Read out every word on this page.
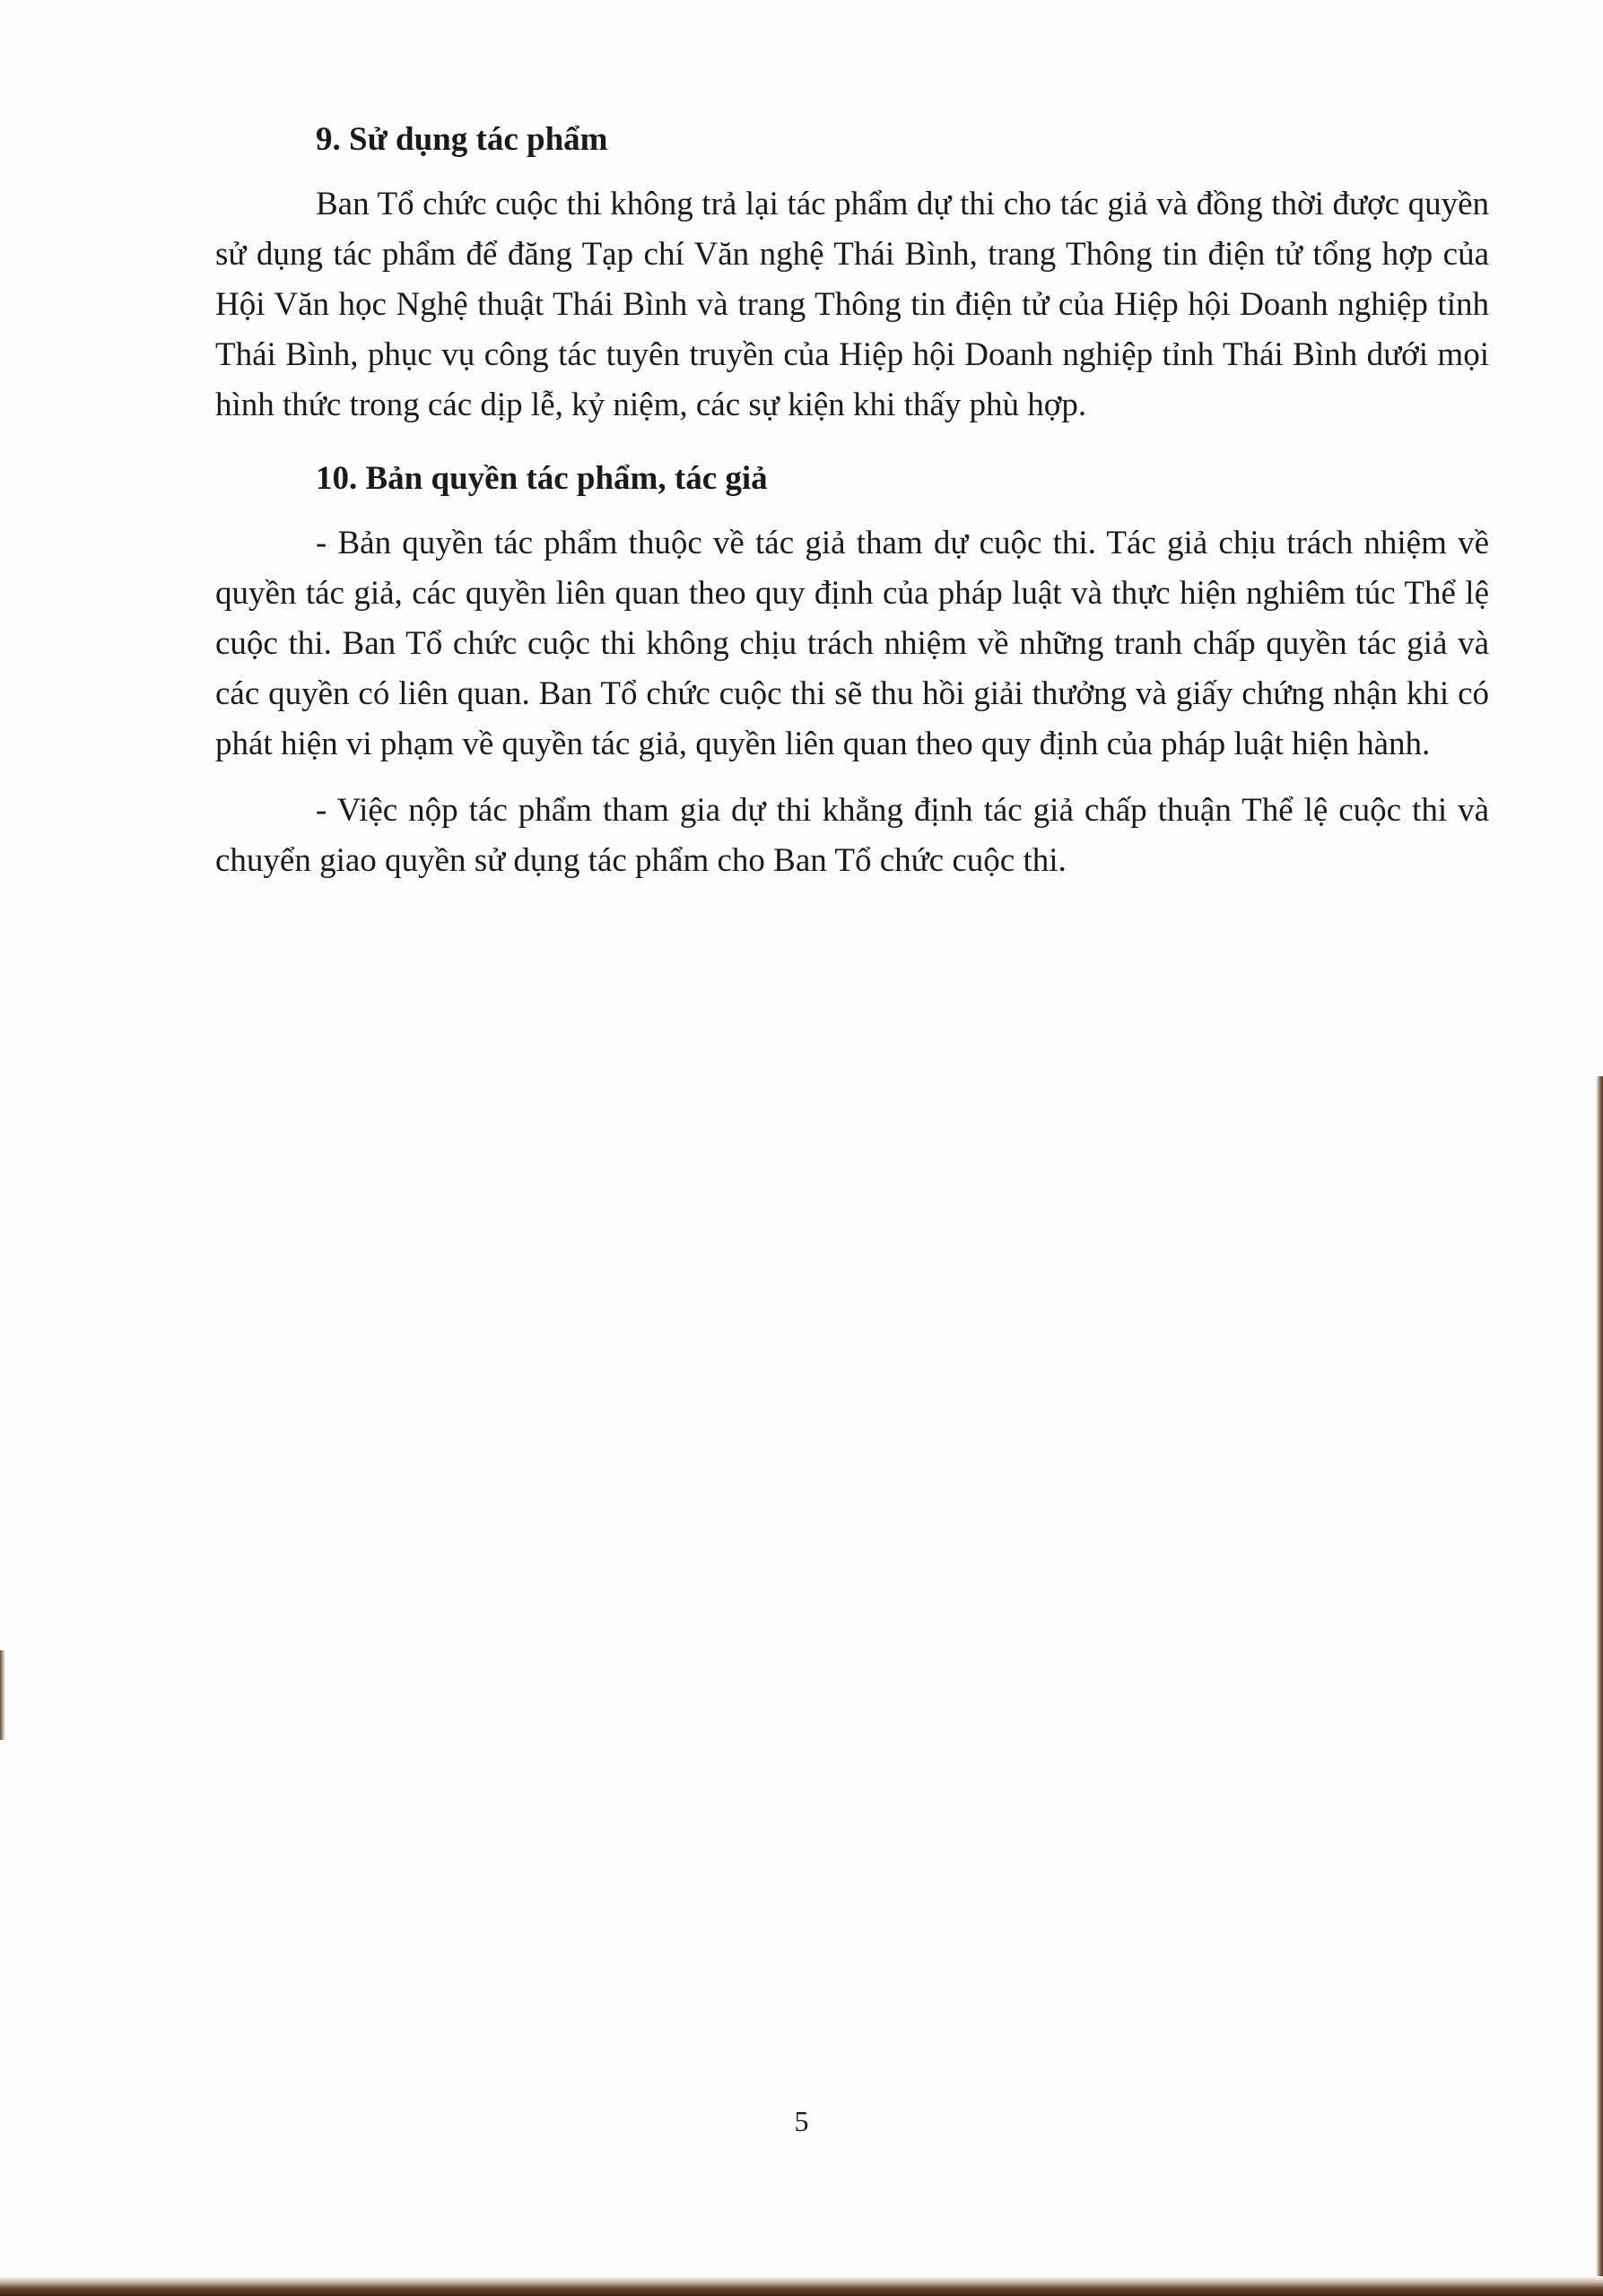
9. Sử dụng tác phẩm

Ban Tổ chức cuộc thi không trả lại tác phẩm dự thi cho tác giả và đồng thời được quyền sử dụng tác phẩm để đăng Tạp chí Văn nghệ Thái Bình, trang Thông tin điện tử tổng hợp của Hội Văn học Nghệ thuật Thái Bình và trang Thông tin điện tử của Hiệp hội Doanh nghiệp tỉnh Thái Bình, phục vụ công tác tuyên truyền của Hiệp hội Doanh nghiệp tỉnh Thái Bình dưới mọi hình thức trong các dịp lễ, kỷ niệm, các sự kiện khi thấy phù hợp.

10. Bản quyền tác phẩm, tác giả

- Bản quyền tác phẩm thuộc về tác giả tham dự cuộc thi. Tác giả chịu trách nhiệm về quyền tác giả, các quyền liên quan theo quy định của pháp luật và thực hiện nghiêm túc Thể lệ cuộc thi. Ban Tổ chức cuộc thi không chịu trách nhiệm về những tranh chấp quyền tác giả và các quyền có liên quan. Ban Tổ chức cuộc thi sẽ thu hồi giải thưởng và giấy chứng nhận khi có phát hiện vi phạm về quyền tác giả, quyền liên quan theo quy định của pháp luật hiện hành.

- Việc nộp tác phẩm tham gia dự thi khẳng định tác giả chấp thuận Thể lệ cuộc thi và chuyển giao quyền sử dụng tác phẩm cho Ban Tổ chức cuộc thi.

5
